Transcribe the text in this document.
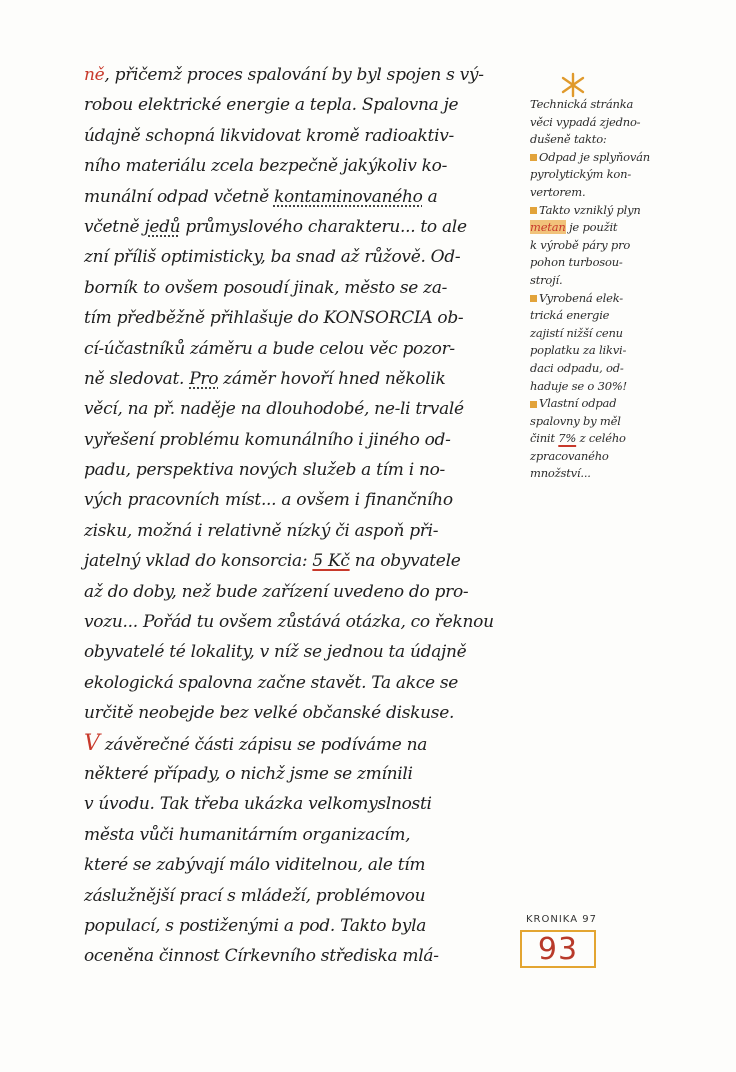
ně, přičemž proces spalování by byl spojen s vý-
robou elektrické energie a tepla. Spalovna je
údajně schopná likvidovat kromě radioaktiv-
ního materiálu zcela bezpečně jakýkoliv ko-
munální odpad včetně kontaminovaného a
včetně jedů průmyslového charakteru... to ale
zní příliš optimisticky, ba snad až růžově. Od-
borník to ovšem posoudí jinak, město se za-
tím předběžně přihlašuje do KONSORCIA ob-
cí-účastníků záměru a bude celou věc pozor-
ně sledovat. Pro záměr hovoří hned několik
věcí, na př. naděje na dlouhodobé, ne-li trvalé
vyřešení problému komunálního i jiného od-
padu, perspektiva nových služeb a tím i no-
vých pracovních míst... a ovšem i finančního
zisku, možná i relativně nízký či aspoň při-
jatelný vklad do konsorcia: 5 Kč na obyvatele
až do doby, než bude zařízení uvedeno do pro-
vozu... Pořád tu ovšem zůstává otázka, co řeknou
obyvatelé té lokality, v níž se jednou ta údajně
ekologická spalovna začne stavět. Ta akce se
určitě neobejde bez velké občanské diskuse.
V závěrečné části zápisu se podíváme na
některé případy, o nichž jsme se zmínili
v úvodu. Tak třeba ukázka velkomyslnosti
města vůči humanitárním organizacím,
které se zabývají málo viditelnou, ale tím
záslužnější prací s mládeží, problémovou
populací, s postiženými a pod. Takto byla
oceněna činnost Církevního střediska mlá-
Technická stránka
věci vypadá zjedno-
dušeně takto:
Odpad je splyňován
pyrolytickým kon-
vertorem.
Takto vzniklý plyn
metan je použit
k výrobě páry pro
pohon turbosou-
strojí.
Vyrobená elek-
trická energie
zajistí nižší cenu
poplatku za likvi-
daci odpadu, od-
haduje se o 30%!
Vlastní odpad
spalovny by měl
činit 7% z celého
zpracovaného
množství...
KRONIKA 97
93
